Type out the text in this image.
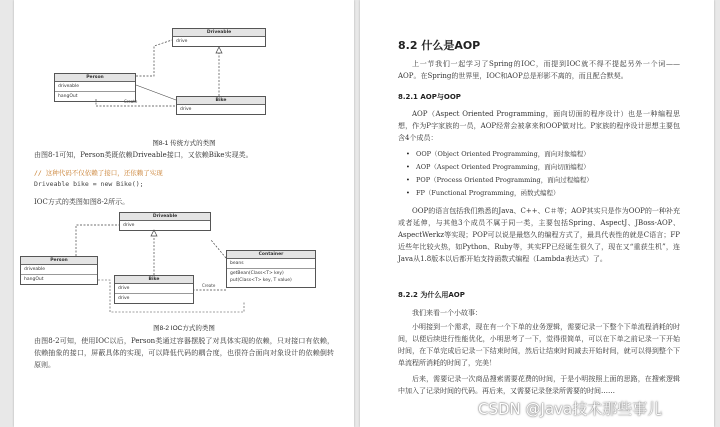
Driveable
drive
Person
driveable
hangOut
Bike
drive
Create
图8-1 传统方式的类图
由图8-1可知，Person类既依赖Driveable接口，又依赖Bike实现类。
// 这种代码不仅依赖了接口，还依赖了实现
Driveable bike = new Bike();
IOC方式的类图如图8-2所示。
Driveable
drive
Person
driveable
hangOut
Container
beans
getBean(Class<T> key)
put(Class<T> key, T value)
Bike
drive
drive
Create
图8-2 IOC方式的类图
由图8-2可知，使用IOC以后，Person类通过容器摆脱了对具体实现的依赖，只对接口有依赖，依赖抽象的接口，屏蔽具体的实现，可以降低代码的耦合度，也很符合面向对象设计的依赖倒转原则。
8.2 什么是AOP
上一节我们一起学习了Spring的IOC，而提到IOC就不得不提起另外一个词——AOP。在Spring的世界里，IOC和AOP总是形影不离的，而且配合默契。
8.2.1 AOP与OOP
AOP（Aspect Oriented Programming，面向切面的程序设计）也是一种编程思想，作为P字家族的一员，AOP经常会被拿来和OOP做对比。P家族的程序设计思想主要包含4个成员：
• OOP（Object Oriented Programming，面向对象编程）
• AOP（Aspect Oriented Programming，面向切面编程）
• POP（Process Oriented Programming，面向过程编程）
• FP（Functional Programming，函数式编程）
OOP的语言包括我们熟悉的Java、C++、C＃等；AOP其实只是作为OOP的一种补充或者延伸，与其他3个成员不属于同一类，主要包括Spring、AspectJ、JBoss-AOP、AspectWerkz等实现；POP可以说是最悠久的编程方式了，最具代表性的就是C语言；FP近些年比较火热，如Python、Ruby等，其实FP已经诞生很久了，现在又“重获生机”，连Java从1.8版本以后都开始支持函数式编程（Lambda表达式）了。
8.2.2 为什么用AOP
我们来看一个小故事：
小明接到一个需求，现在有一个下单的业务逻辑，需要记录一下整个下单流程消耗的时间，以便后续进行性能优化，小明思考了一下，觉得很简单，可以在下单之前记录一下开始时间，在下单完成后记录一下结束时间，然后让结束时间减去开始时间，就可以得到整个下单流程所消耗的时间了，完美！
后来，需要记录一次商品搜索需要花费的时间，于是小明按照上面的思路，在搜索逻辑中加入了记录时间的代码。再后来，又需要记录登录所需要的时间……
CSDN @Java技术那些事儿
